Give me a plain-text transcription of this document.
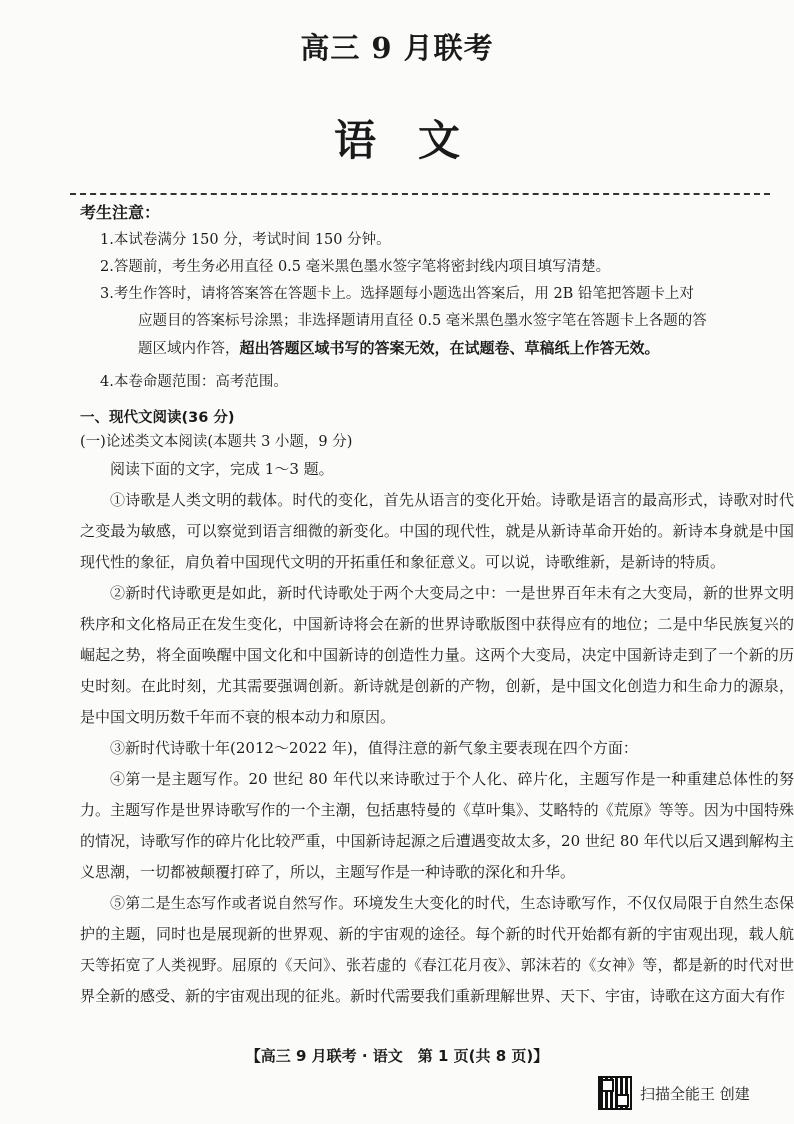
高三 9 月联考
语文
考生注意：
1.本试卷满分 150 分，考试时间 150 分钟。
2.答题前，考生务必用直径 0.5 毫米黑色墨水签字笔将密封线内项目填写清楚。
3.考生作答时，请将答案答在答题卡上。选择题每小题选出答案后，用 2B 铅笔把答题卡上对
应题目的答案标号涂黑；非选择题请用直径 0.5 毫米黑色墨水签字笔在答题卡上各题的答
题区域内作答，超出答题区域书写的答案无效，在试题卷、草稿纸上作答无效。
4.本卷命题范围：高考范围。
一、现代文阅读(36 分)
(一)论述类文本阅读(本题共 3 小题，9 分)

阅读下面的文字，完成 1～3 题。

①诗歌是人类文明的载体。时代的变化，首先从语言的变化开始。诗歌是语言的最高形式，诗歌对时代之变最为敏感，可以察觉到语言细微的新变化。中国的现代性，就是从新诗革命开始的。新诗本身就是中国现代性的象征，肩负着中国现代文明的开拓重任和象征意义。可以说，诗歌维新，是新诗的特质。

②新时代诗歌更是如此，新时代诗歌处于两个大变局之中：一是世界百年未有之大变局，新的世界文明秩序和文化格局正在发生变化，中国新诗将会在新的世界诗歌版图中获得应有的地位；二是中华民族复兴的崛起之势，将全面唤醒中国文化和中国新诗的创造性力量。这两个大变局，决定中国新诗走到了一个新的历史时刻。在此时刻，尤其需要强调创新。新诗就是创新的产物，创新，是中国文化创造力和生命力的源泉，是中国文明历数千年而不衰的根本动力和原因。

③新时代诗歌十年(2012～2022 年)，值得注意的新气象主要表现在四个方面：

④第一是主题写作。20 世纪 80 年代以来诗歌过于个人化、碎片化，主题写作是一种重建总体性的努力。主题写作是世界诗歌写作的一个主潮，包括惠特曼的《草叶集》、艾略特的《荒原》等等。因为中国特殊的情况，诗歌写作的碎片化比较严重，中国新诗起源之后遭遇变故太多，20 世纪 80 年代以后又遇到解构主义思潮，一切都被颠覆打碎了，所以，主题写作是一种诗歌的深化和升华。

⑤第二是生态写作或者说自然写作。环境发生大变化的时代，生态诗歌写作，不仅仅局限于自然生态保护的主题，同时也是展现新的世界观、新的宇宙观的途径。每个新的时代开始都有新的宇宙观出现，载人航天等拓宽了人类视野。屈原的《天问》、张若虚的《春江花月夜》、郭沫若的《女神》等，都是新的时代对世界全新的感受、新的宇宙观出现的征兆。新时代需要我们重新理解世界、天下、宇宙，诗歌在这方面大有作

【高三 9 月联考 · 语文　第 1 页(共 8 页)】
扫描全能王 创建
